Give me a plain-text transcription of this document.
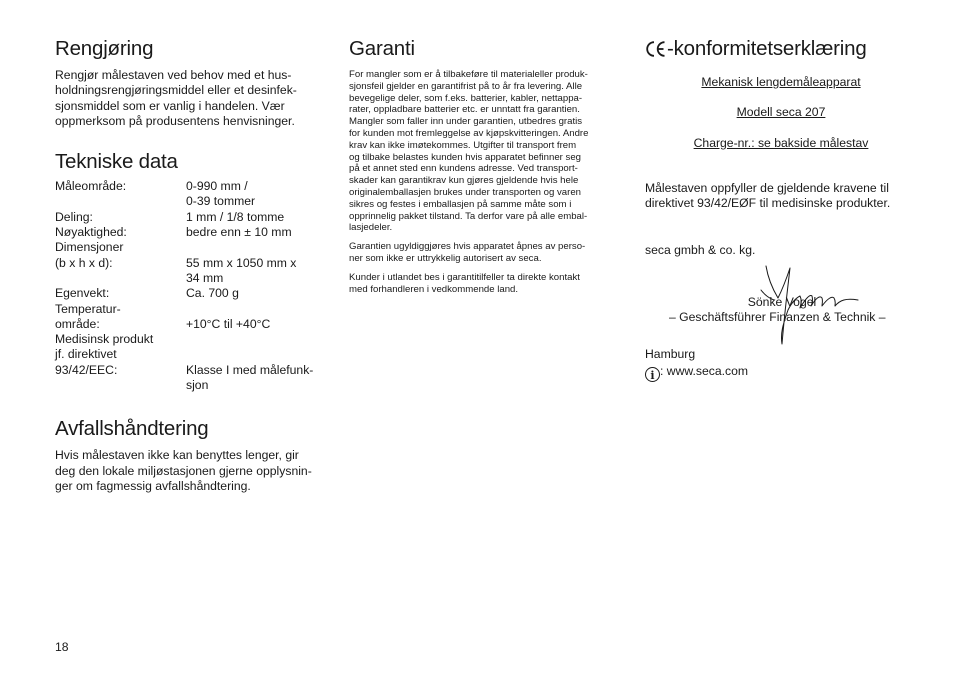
Rengjøring
Rengjør målestaven ved behov med et hus-
holdningsrengjøringsmiddel eller et desinfek-
sjonsmiddel som er vanlig i handelen. Vær
oppmerksom på produsentens henvisninger.
Tekniske data
Måleområde:	0-990 mm /
0-39 tommer
Deling:	1 mm / 1/8 tomme
Nøyaktighed:	bedre enn ± 10 mm
Dimensjoner
(b x h x d):	55 mm x 1050 mm x
34 mm
Egenvekt:	Ca. 700 g
Temperatur-
område:	+10°C til +40°C
Medisinsk produkt
jf. direktivet
93/42/EEC:	Klasse I med målefunk-
sjon
Avfallshåndtering
Hvis målestaven ikke kan benyttes lenger, gir
deg den lokale miljøstasjonen gjerne opplysnin-
ger om fagmessig avfallshåndtering.
18
Garanti
For mangler som er å tilbakeføre til materialeller produk-
sjonsfeil gjelder en garantifrist på to år fra levering. Alle
bevegelige deler, som f.eks. batterier, kabler, nettappa-
rater, oppladbare batterier etc. er unntatt fra garantien.
Mangler som faller inn under garantien, utbedres gratis
for kunden mot fremleggelse av kjøpskvitteringen. Andre
krav kan ikke imøtekommes. Utgifter til transport frem
og tilbake belastes kunden hvis apparatet befinner seg
på et annet sted enn kundens adresse. Ved transport-
skader kan garantikrav kun gjøres gjeldende hvis hele
originalemballasjen brukes under transporten og varen
sikres og festes i emballasjen på samme måte som i
opprinnelig pakket tilstand. Ta derfor vare på alle embal-
lasjedeler.
Garantien ugyldiggjøres hvis apparatet åpnes av perso-
ner som ikke er uttrykkelig autorisert av seca.
Kunder i utlandet bes i garantitilfeller ta direkte kontakt
med forhandleren i vedkommende land.
-konformitetserklæring
Mekanisk lengdemåleapparat
Modell seca 207
Charge-nr.: se bakside målestav
Målestaven oppfyller de gjeldende kravene til
direktivet 93/42/EØF til medisinske produkter.
seca gmbh & co. kg.
Sönke Vogel
– Geschäftsführer Finanzen & Technik –
Hamburg
i : www.seca.com
